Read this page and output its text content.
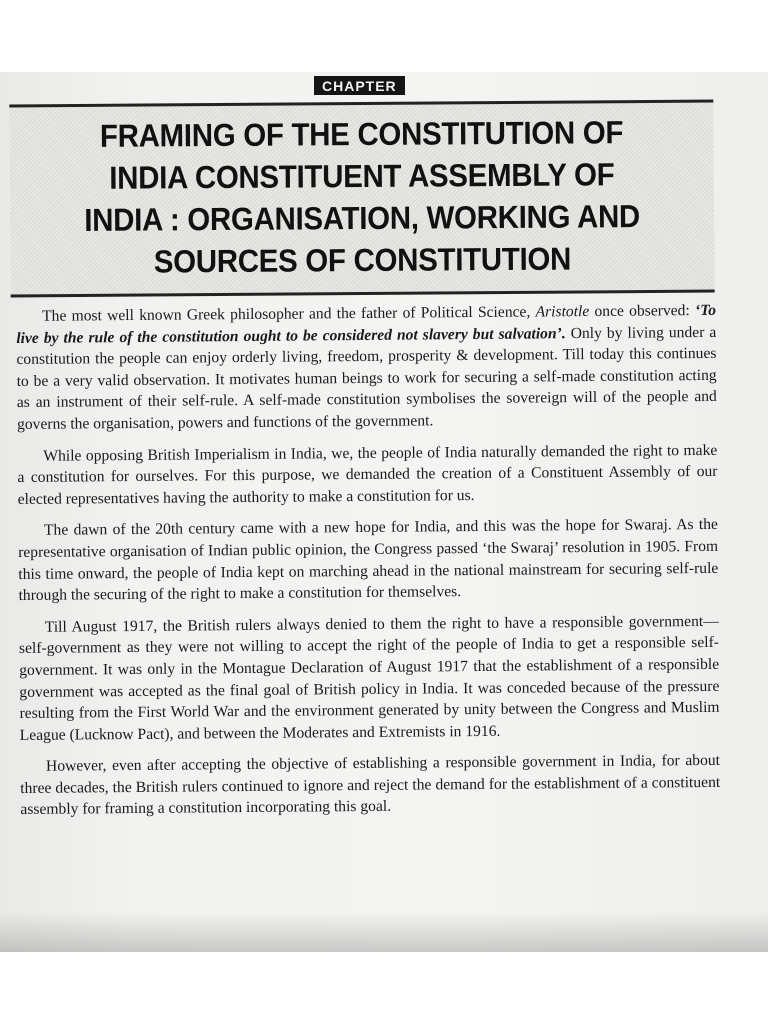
CHAPTER
FRAMING OF THE CONSTITUTION OF
INDIA CONSTITUENT ASSEMBLY OF
INDIA : ORGANISATION, WORKING AND
SOURCES OF CONSTITUTION

The most well known Greek philosopher and the father of Political Science, Aristotle once observed: ‘To live by the rule of the constitution ought to be considered not slavery but salvation’. Only by living under a constitution the people can enjoy orderly living, freedom, prosperity & development. Till today this continues to be a very valid observation. It motivates human beings to work for securing a self-made constitution acting as an instrument of their self-rule. A self-made constitution symbolises the sovereign will of the people and governs the organisation, powers and functions of the government.

While opposing British Imperialism in India, we, the people of India naturally demanded the right to make a constitution for ourselves. For this purpose, we demanded the creation of a Constituent Assembly of our elected representatives having the authority to make a constitution for us.

The dawn of the 20th century came with a new hope for India, and this was the hope for Swaraj. As the representative organisation of Indian public opinion, the Congress passed ‘the Swaraj’ resolution in 1905. From this time onward, the people of India kept on marching ahead in the national mainstream for securing self-rule through the securing of the right to make a constitution for themselves.

Till August 1917, the British rulers always denied to them the right to have a responsible government—self-government as they were not willing to accept the right of the people of India to get a responsible self-government. It was only in the Montague Declaration of August 1917 that the establishment of a responsible government was accepted as the final goal of British policy in India. It was conceded because of the pressure resulting from the First World War and the environment generated by unity between the Congress and Muslim League (Lucknow Pact), and between the Moderates and Extremists in 1916.

However, even after accepting the objective of establishing a responsible government in India, for about three decades, the British rulers continued to ignore and reject the demand for the establishment of a constituent assembly for framing a constitution incorporating this goal.
